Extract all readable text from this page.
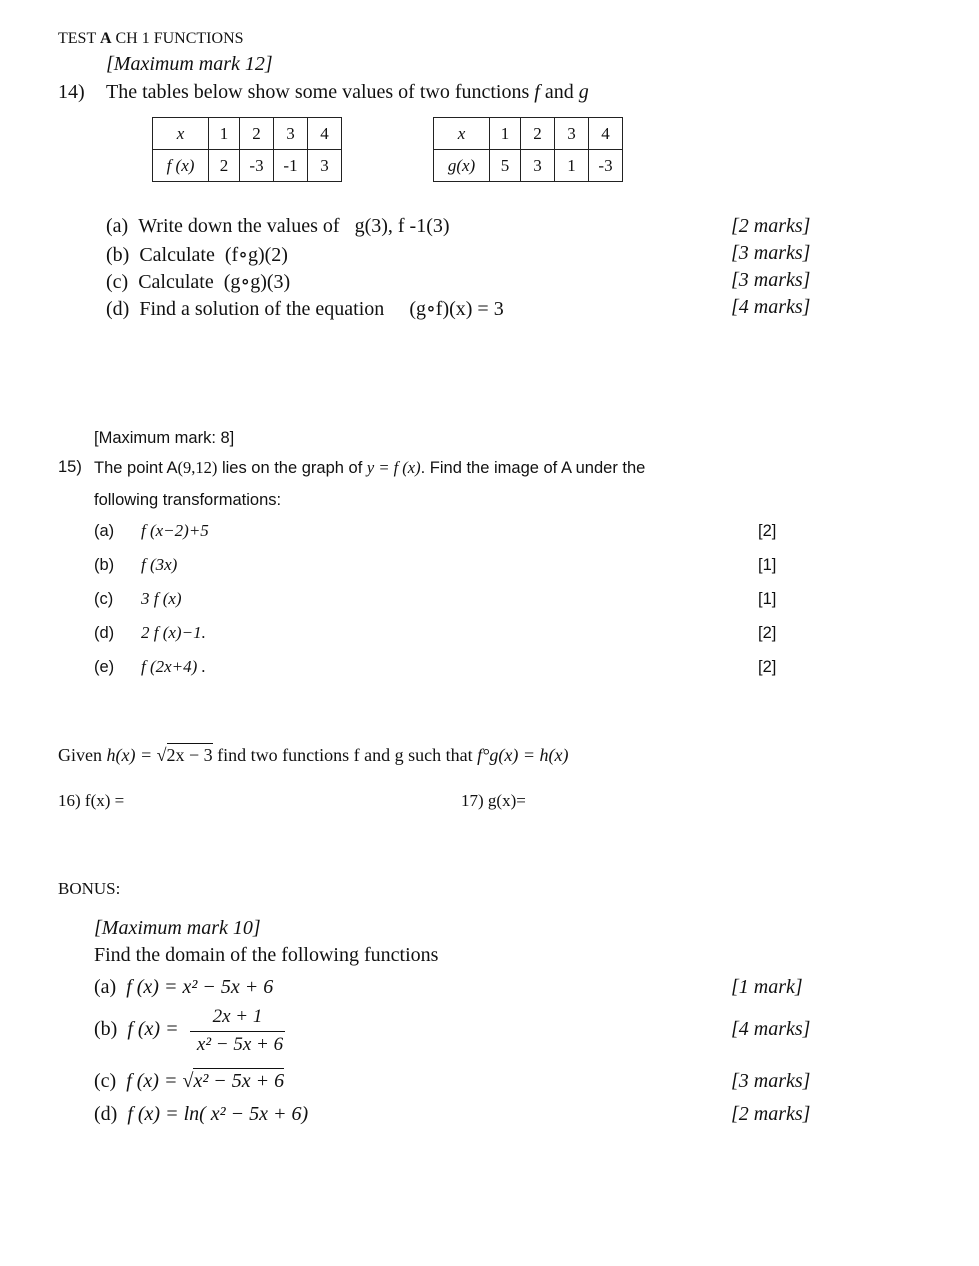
TEST A CH 1 FUNCTIONS
[Maximum mark 12]
14) The tables below show some values of two functions f and g
x	1	2	3	4
f (x)	2	-3	-1	3
x	1	2	3	4
g(x)	5	3	1	-3
(a) Write down the values of g(3), f -1(3)	[2 marks]
(b) Calculate (f∘g)(2)	[3 marks]
(c) Calculate (g∘g)(3)	[3 marks]
(d) Find a solution of the equation (g∘f)(x) = 3	[4 marks]
[Maximum mark: 8]
15) The point A(9,12) lies on the graph of y = f (x). Find the image of A under the
following transformations:
(a) f (x−2)+5	[2]
(b) f (3x)	[1]
(c) 3 f (x)	[1]
(d) 2 f (x)−1.	[2]
(e) f (2x+4) .	[2]
Given h(x) = √2x − 3 find two functions f and g such that f°g(x) = h(x)
16) f(x) =	17) g(x)=
BONUS:
[Maximum mark 10]
Find the domain of the following functions
(a) f (x) = x² − 5x + 6	[1 mark]
(b) f (x) =
2x + 1
x² − 5x + 6
[4 marks]
(c) f (x) = √x² − 5x + 6	[3 marks]
(d) f (x) = ln( x² − 5x + 6)	[2 marks]
